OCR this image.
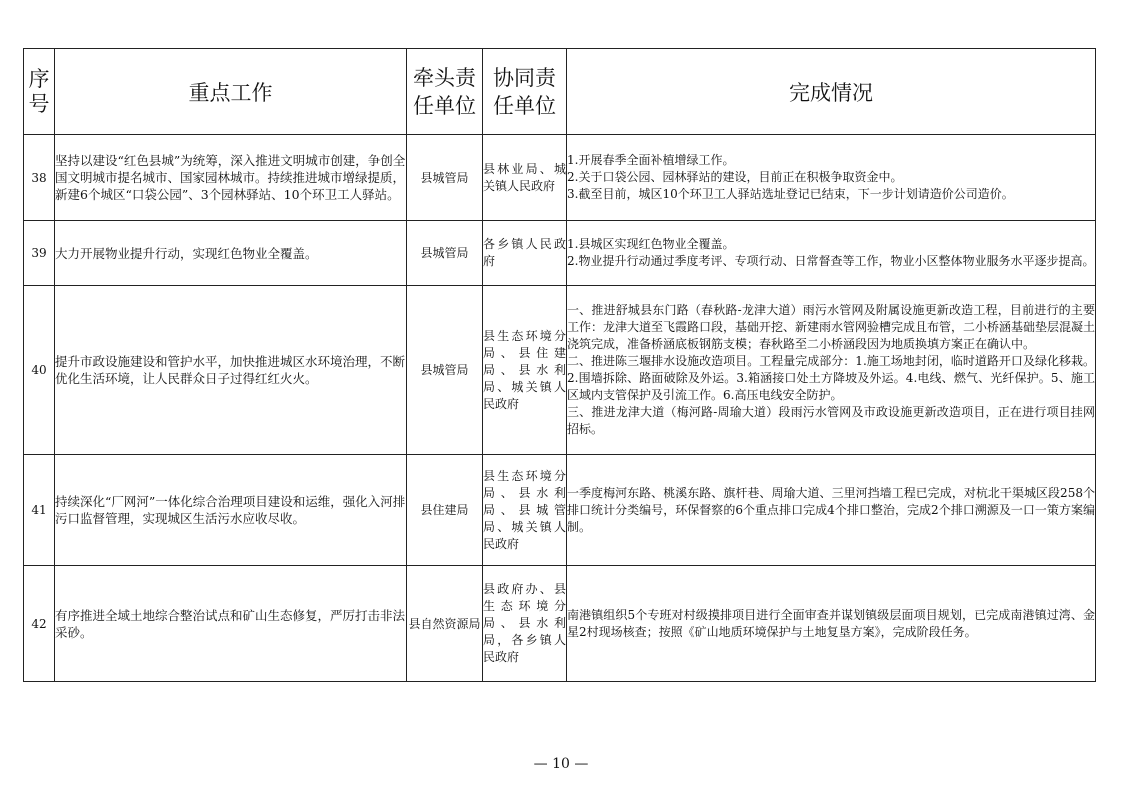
序号	重点工作	牵头责任单位	协同责任单位	完成情况
38	坚持以建设“红色县城”为统筹，深入推进文明城市创建，争创全国文明城市提名城市、国家园林城市。持续推进城市增绿提质，新建6个城区“口袋公园”、3个园林驿站、10个环卫工人驿站。	县城管局	县林业局、城关镇人民政府	1.开展春季全面补植增绿工作。
2.关于口袋公园、园林驿站的建设，目前正在积极争取资金中。
3.截至目前，城区10个环卫工人驿站选址登记已结束，下一步计划请造价公司造价。

39	大力开展物业提升行动，实现红色物业全覆盖。	县城管局	各乡镇人民政府	1.县城区实现红色物业全覆盖。
2.物业提升行动通过季度考评、专项行动、日常督查等工作，物业小区整体物业服务水平逐步提高。

40	提升市政设施建设和管护水平，加快推进城区水环境治理，不断优化生活环境，让人民群众日子过得红红火火。	县城管局	县生态环境分局、县住建局、县水利局、城关镇人民政府	一、推进舒城县东门路（春秋路-龙津大道）雨污水管网及附属设施更新改造工程，目前进行的主要工作：龙津大道至飞霞路口段，基础开挖、新建雨水管网验槽完成且布管，二小桥涵基础垫层混凝土浇筑完成，准备桥涵底板钢筋支模；春秋路至二小桥涵段因为地质换填方案正在确认中。
二、推进陈三堰排水设施改造项目。工程量完成部分：1.施工场地封闭，临时道路开口及绿化移栽。2.围墙拆除、路面破除及外运。3.箱涵接口处土方降坡及外运。4.电线、燃气、光纤保护。5、施工区域内支管保护及引流工作。6.高压电线安全防护。
三、推进龙津大道（梅河路-周瑜大道）段雨污水管网及市政设施更新改造项目，正在进行项目挂网招标。

41	持续深化“厂网河”一体化综合治理项目建设和运维，强化入河排污口监督管理，实现城区生活污水应收尽收。	县住建局	县生态环境分局、县水利局、县城管局、城关镇人民政府	一季度梅河东路、桃溪东路、旗杆巷、周瑜大道、三里河挡墙工程已完成，对杭北干渠城区段258个排口统计分类编号，环保督察的6个重点排口完成4个排口整治，完成2个排口溯源及一口一策方案编制。

42	有序推进全域土地综合整治试点和矿山生态修复，严厉打击非法采砂。	县自然资源局	县政府办、县生态环境分局、县水利局，各乡镇人民政府	南港镇组织5个专班对村级摸排项目进行全面审查并谋划镇级层面项目规划，已完成南港镇过湾、金星2村现场核查；按照《矿山地质环境保护与土地复垦方案》，完成阶段任务。
— 10 —
